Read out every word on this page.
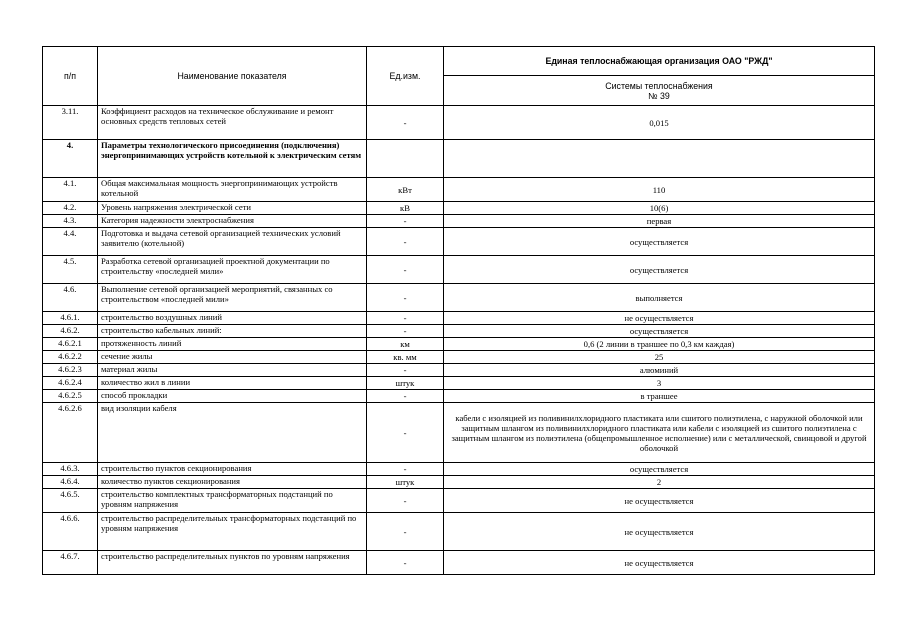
п/п	Наименование показателя	Ед.изм.	Единая теплоснабжающая организация ОАО "РЖД"
			Системы теплоснабжения
№ 39
3.11.	Коэффициент расходов на техническое обслуживание и ремонт основных средств тепловых сетей	-	0,015
4.	Параметры технологического присоединения (подключения) энергопринимающих устройств котельной к электрическим сетям		
4.1.	Общая максимальная мощность энергопринимающих устройств котельной	кВт	110
4.2.	Уровень напряжения электрической сети	кВ	10(6)
4.3.	Категория надежности электроснабжения	-	первая
4.4.	Подготовка и выдача сетевой организацией технических условий заявителю (котельной)	-	осуществляется
4.5.	Разработка сетевой организацией проектной документации по строительству «последней мили»	-	осуществляется
4.6.	Выполнение сетевой организацией мероприятий, связанных со строительством «последней мили»	-	выполняется
4.6.1.	строительство воздушных линий	-	не осуществляется
4.6.2.	строительство кабельных линий:	-	осуществляется
4.6.2.1	протяженность линий	км	0,6 (2 линии в траншее по 0,3 км каждая)
4.6.2.2	сечение жилы	кв. мм	25
4.6.2.3	материал жилы	-	алюминий
4.6.2.4	количество жил в линии	штук	3
4.6.2.5	способ прокладки	-	в траншее
4.6.2.6	вид изоляции кабеля	-	кабели с изоляцией из поливинилхлоридного пластиката или сшитого полиэтилена, с наружной оболочкой или защитным шлангом из поливинилхлоридного пластиката или кабели с изоляцией из сшитого полиэтилена с защитным шлангом из полиэтилена (общепромышленное исполнение) или с металлической, свинцовой и другой оболочкой
4.6.3.	строительство пунктов секционирования	-	осуществляется
4.6.4.	количество пунктов секционирования	штук	2
4.6.5.	строительство комплектных трансформаторных подстанций по уровням напряжения	-	не осуществляется
4.6.6.	строительство распределительных трансформаторных подстанций по уровням напряжения	-	не осуществляется
4.6.7.	строительство распределительных пунктов по уровням напряжения	-	не осуществляется
